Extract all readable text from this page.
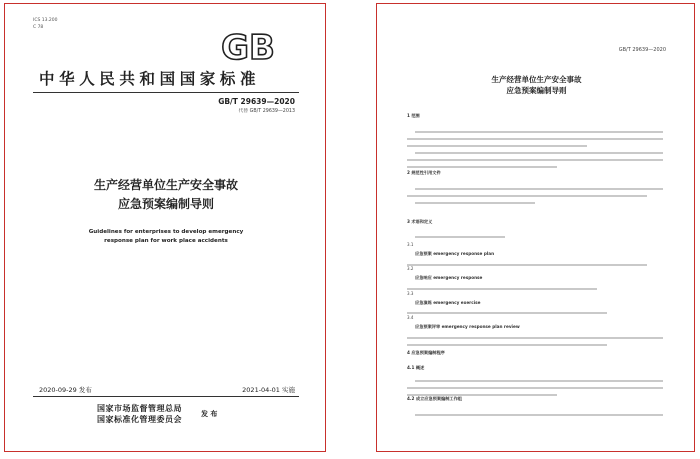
ICS 13.200
C 78
GB
中华人民共和国国家标准
GB/T 29639—2020
代替 GB/T 29639—2013
生产经营单位生产安全事故
应急预案编制导则
Guidelines for enterprises to develop emergency
response plan for work place accidents
2020-09-29 发布	2021-04-01 实施
国家市场监督管理总局
国家标准化管理委员会
发 布
GB/T 29639—2020
生产经营单位生产安全事故
应急预案编制导则
1 范围
2 规范性引用文件
3 术语和定义
3.1
应急预案 emergency response plan
3.2
应急响应 emergency response
3.3
应急演练 emergency exercise
3.4
应急预案评审 emergency response plan review
4 应急预案编制程序
4.1 概述
4.2 成立应急预案编制工作组
